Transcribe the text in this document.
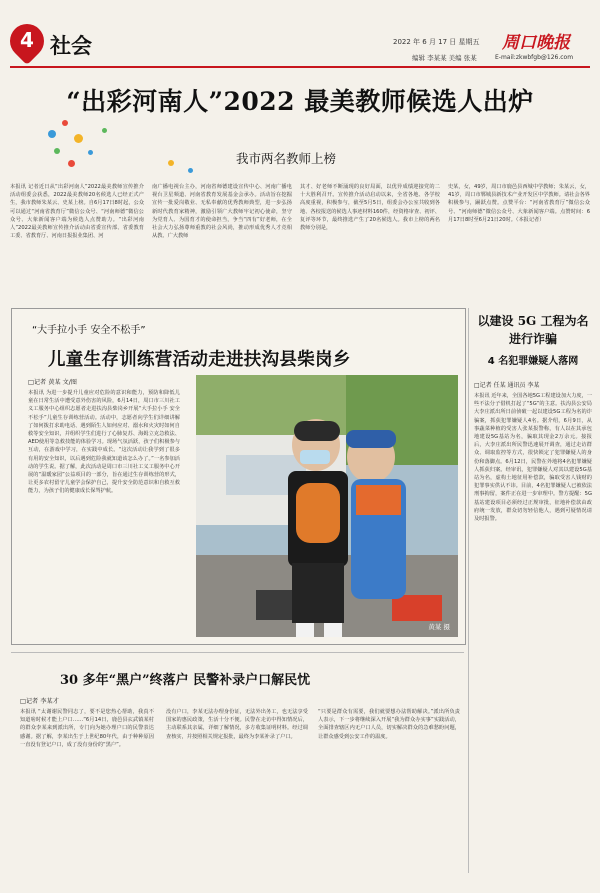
4 社会	2022 年 6 月 17 日 星期五
编辑 李某某 美编 张某
周口晚报
E-mail:zkwbfgb@126.com
“出彩河南人”2022 最美教师候选人出炉
我市两名教师上榜
本报讯 记者近日从“出彩河南人”2022最美教师宣传推介活动组委会获悉，2022最美教师20名候选人已经正式产生，我市教师朱某云、史某上榜。自6月17日8时起，公众可以通过“河南省教育厅”微信公众号、“河南师德”微信公众号、大象新闻客户端为候选人点赞助力。“出彩河南人”2022最美教师宣传推介活动由省委宣传部、省委教育工委、省教育厅、河南日报报业集团、河
南广播电视台主办，河南省师德建设宣传中心、河南广播电视台卫星频道、河南省教育发展基金会承办。活动旨在挖掘宣传一批爱岗敬业、无私奉献的优秀教师典型，进一步弘扬新时代教育家精神，激励引领广大教师牢记初心使命，坚守为党育人、为国育才的使命担当，争当“四有”好老师，在全社会大力弘扬尊师重教的社会风尚，推动形成优秀人才竞相从教、广大教师
其才、好老师不断涌现的良好局面，以优异成绩迎接党的二十大胜利召开。宣传推介活动启动以来，全省各地、各学校高度重视，积极参与，截至5月5日，组委会办公室共收到各地、各校报送的候选人事迹材料160件，经资格审查、初评、复评等环节，最终推选产生了20名候选人。我市上榜的两名教师分别是，
史某，女，49岁，周口市鹿邑县西城中学教师；朱某云，女，41岁，周口市郸城县新技术产业开发区中学教师。请社会各界积极参与，踊跃点赞。点赞平台：“河南省教育厅”微信公众号、“河南师德”微信公众号、大象新闻客户端。点赞时间：6月17日8时至6月21日20时。（本报记者）
“大手拉小手 安全不松手”
儿童生存训练营活动走进扶沟县柴岗乡
□记者 黄某 文/图
本报讯 为进一步提升儿童应对危险的意识和能力，预防和降低儿童在日常生活中遭受意外伤害的风险，6月14日，周口市三川社工义工服务中心组织志愿者走进扶沟县柴岗乡开展“大手拉小手 安全不松手”儿童生存训练营活动。活动中，志愿者向学生们详细讲解了如何拨打求助电话、遇到陌生人如何应对、溺水和火灾时如何自救等安全知识，并组织学生们进行了心肺复苏、海姆立克急救法、AED使用等急救技能的体验学习。现场气氛活跃，孩子们积极参与互动，在游戏中学习，在实践中成长。“这次活动让我学到了很多有用的安全知识，以后遇到危险我就知道该怎么办了。”一名参加活动的学生说。据了解，此次活动是周口市三川社工义工服务中心开展的“温暖家园”公益项目的一部分，旨在通过生存训练营的形式，让更多农村留守儿童学会保护自己，提升安全防范意识和自救互救能力，为孩子们的健康成长保驾护航。
黄某 摄
以建设 5G 工程为名进行诈骗
4 名犯罪嫌疑人落网
□记者 任某 通讯员 李某
本报讯 近年来，全国各地5G工程建设加大力度，一些不法分子借机打起了“5G”的主意。扶沟县公安局大李庄派出所日前侦破一起以建设5G工程为名的诈骗案，抓获犯罪嫌疑人4名。据介绍，6月9日，从事蔬菜种植的受害人张某报警称，有人以在其承包地建设5G基站为名，骗取其现金2万余元。接报后，大李庄派出所民警迅速展开调查，通过走访群众、调取监控等方式，很快锁定了犯罪嫌疑人的身份和落脚点。6月12日，民警在外地将4名犯罪嫌疑人抓获归案。经审讯，犯罪嫌疑人对其以建设5G基站为名，虚构土地征用补偿款，骗取受害人钱财的犯罪事实供认不讳。目前，4名犯罪嫌疑人已被依法刑事拘留，案件正在进一步审理中。警方提醒：5G基站建设项目必须经过正规审批，征地补偿款由政府统一发放，群众切勿轻信他人，遇到可疑情况请及时报警。
30 多年“黑户”终落户 民警补录户口解民忧
□记者 李某才
本报讯 “太谢谢民警同志了，要不是您热心帮助，我真不知道啥时候才能上户口……”6月14日，鹿邑县玄武镇某村的群众李某来到派出所，专门向为她办理户口的民警表达感谢。据了解，李某出生于上世纪80年代，由于种种原因一直没有登记户口，成了没有身份的“黑户”。
没有户口，李某无法办理身份证，无法外出务工，也无法享受国家的惠民政策，生活十分不便。民警在走访中得知情况后，主动联系其亲属，详细了解情况，多方收集证明材料。经过调查核实，并按照相关规定报批，最终为李某补录了户口。
“只要是群众有需要，我们就要想办法帮助解决。”派出所负责人表示，下一步将继续深入开展“我为群众办实事”实践活动，全面排查辖区内无户口人员，切实解决群众的急难愁盼问题，让群众感受到公安工作的温度。
